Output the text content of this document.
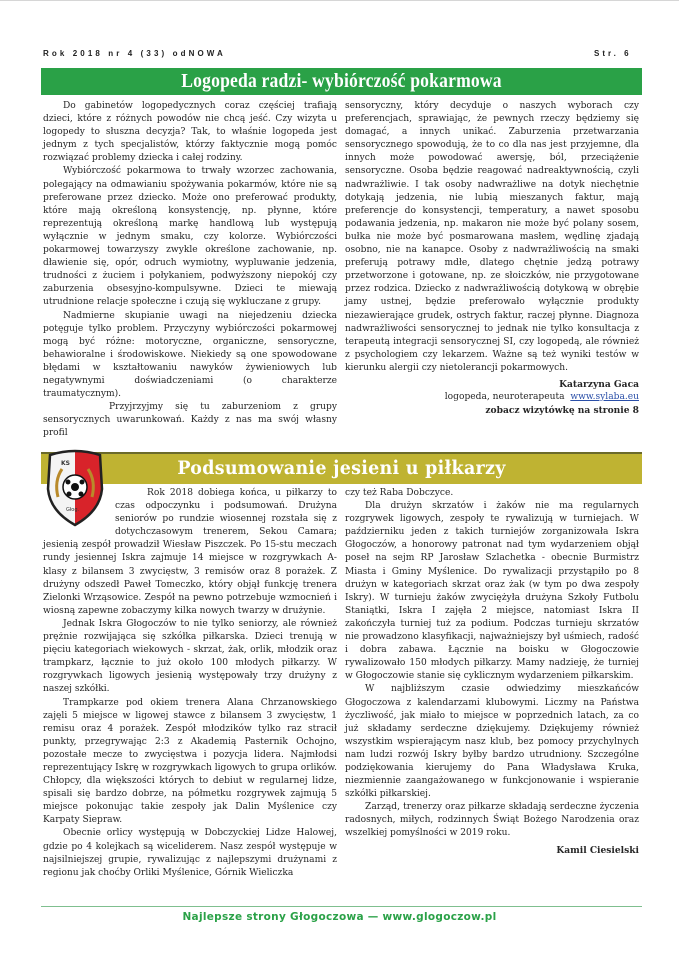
Rok 2018 nr 4 (33) odNOWA	Str. 6
Logopeda radzi- wybiórczość pokarmowa

Do gabinetów logopedycznych coraz częściej trafiają dzieci, które z różnych powodów nie chcą jeść. Czy wizyta u logopedy to słuszna decyzja? Tak, to właśnie logopeda jest jednym z tych specjalistów, którzy faktycznie mogą pomóc rozwiązać problemy dziecka i całej rodziny.

Wybiórczość pokarmowa to trwały wzorzec zachowania, polegający na odmawianiu spożywania pokarmów, które nie są preferowane przez dziecko. Może ono preferować produkty, które mają określoną konsystencję, np. płynne, które reprezentują określoną markę handlową lub występują wyłącznie w jednym smaku, czy kolorze. Wybiórczości pokarmowej towarzyszy zwykle określone zachowanie, np. dławienie się, opór, odruch wymiotny, wypluwanie jedzenia, trudności z żuciem i połykaniem, podwyższony niepokój czy zaburzenia obsesyjno-kompulsywne. Dzieci te miewają utrudnione relacje społeczne i czują się wykluczane z grupy.

Nadmierne skupianie uwagi na niejedzeniu dziecka potęguje tylko problem. Przyczyny wybiórczości pokarmowej mogą być różne: motoryczne, organiczne, sensoryczne, behawioralne i środowiskowe. Niekiedy są one spowodowane błędami w kształtowaniu nawyków żywieniowych lub negatywnymi doświadczeniami (o charakterze traumatycznym).

Przyjrzyjmy się tu zaburzeniom z grupy sensorycznych uwarunkowań. Każdy z nas ma swój własny profil

sensoryczny, który decyduje o naszych wyborach czy preferencjach, sprawiając, że pewnych rzeczy będziemy się domagać, a innych unikać. Zaburzenia przetwarzania sensorycznego spowodują, że to co dla nas jest przyjemne, dla innych może powodować awersję, ból, przeciążenie sensoryczne. Osoba będzie reagować nadreaktywnością, czyli nadwrażliwie. I tak osoby nadwrażliwe na dotyk niechętnie dotykają jedzenia, nie lubią mieszanych faktur, mają preferencje do konsystencji, temperatury, a nawet sposobu podawania jedzenia, np. makaron nie może być polany sosem, bułka nie może być posmarowana masłem, wędlinę zjadają osobno, nie na kanapce. Osoby z nadwrażliwością na smaki preferują potrawy mdłe, dlatego chętnie jedzą potrawy przetworzone i gotowane, np. ze słoiczków, nie przygotowane przez rodzica. Dziecko z nadwrażliwością dotykową w obrębie jamy ustnej, będzie preferowało wyłącznie produkty niezawierające grudek, ostrych faktur, raczej płynne. Diagnoza nadwrażliwości sensorycznej to jednak nie tylko konsultacja z terapeutą integracji sensorycznej SI, czy logopedą, ale również z psychologiem czy lekarzem. Ważne są też wyniki testów w kierunku alergii czy nietolerancji pokarmowych.

Katarzyna Gaca
logopeda, neuroterapeuta www.sylaba.eu
zobacz wizytówkę na stronie 8
Podsumowanie jesieni u piłkarzy
KS
Głog.

Rok 2018 dobiega końca, u piłkarzy to czas odpoczynku i podsumowań. Drużyna seniorów po rundzie wiosennej rozstała się z dotychczasowym trenerem, Sekou Camara; jesienią zespół prowadził Wiesław Piszczek. Po 15-stu meczach rundy jesiennej Iskra zajmuje 14 miejsce w rozgrywkach A-klasy z bilansem 3 zwycięstw, 3 remisów oraz 8 porażek. Z drużyny odszedł Paweł Tomeczko, który objął funkcję trenera Zielonki Wrząsowice. Zespół na pewno potrzebuje wzmocnień i wiosną zapewne zobaczymy kilka nowych twarzy w drużynie.

Jednak Iskra Głogoczów to nie tylko seniorzy, ale również prężnie rozwijająca się szkółka piłkarska. Dzieci trenują w pięciu kategoriach wiekowych - skrzat, żak, orlik, młodzik oraz trampkarz, łącznie to już około 100 młodych piłkarzy. W rozgrywkach ligowych jesienią występowały trzy drużyny z naszej szkółki.

Trampkarze pod okiem trenera Alana Chrzanowskiego zajęli 5 miejsce w ligowej stawce z bilansem 3 zwycięstw, 1 remisu oraz 4 porażek. Zespół młodzików tylko raz stracił punkty, przegrywając 2:3 z Akademią Pasternik Ochojno, pozostałe mecze to zwycięstwa i pozycja lidera. Najmłodsi reprezentujący Iskrę w rozgrywkach ligowych to grupa orlików. Chłopcy, dla większości których to debiut w regularnej lidze, spisali się bardzo dobrze, na półmetku rozgrywek zajmują 5 miejsce pokonując takie zespoły jak Dalin Myślenice czy Karpaty Siepraw.

Obecnie orlicy występują w Dobczyckiej Lidze Halowej, gdzie po 4 kolejkach są wiceliderem. Nasz zespół występuje w najsilniejszej grupie, rywalizując z najlepszymi drużynami z regionu jak choćby Orliki Myślenice, Górnik Wieliczka

czy też Raba Dobczyce.

Dla drużyn skrzatów i żaków nie ma regularnych rozgrywek ligowych, zespoły te rywalizują w turniejach. W październiku jeden z takich turniejów zorganizowała Iskra Głogoczów, a honorowy patronat nad tym wydarzeniem objął poseł na sejm RP Jarosław Szlachetka - obecnie Burmistrz Miasta i Gminy Myślenice. Do rywalizacji przystąpiło po 8 drużyn w kategoriach skrzat oraz żak (w tym po dwa zespoły Iskry). W turnieju żaków zwyciężyła drużyna Szkoły Futbolu Staniątki, Iskra I zajęła 2 miejsce, natomiast Iskra II zakończyła turniej tuż za podium. Podczas turnieju skrzatów nie prowadzono klasyfikacji, najważniejszy był uśmiech, radość i dobra zabawa. Łącznie na boisku w Głogoczowie rywalizowało 150 młodych piłkarzy. Mamy nadzieję, że turniej w Głogoczowie stanie się cyklicznym wydarzeniem piłkarskim.

W najbliższym czasie odwiedzimy mieszkańców Głogoczowa z kalendarzami klubowymi. Liczmy na Państwa życzliwość, jak miało to miejsce w poprzednich latach, za co już składamy serdeczne dziękujemy. Dziękujemy również wszystkim wspierającym nasz klub, bez pomocy przychylnych nam ludzi rozwój Iskry byłby bardzo utrudniony. Szczególne podziękowania kierujemy do Pana Władysława Kruka, niezmiennie zaangażowanego w funkcjonowanie i wspieranie szkółki piłkarskiej.

Zarząd, trenerzy oraz piłkarze składają serdeczne życzenia radosnych, miłych, rodzinnych Świąt Bożego Narodzenia oraz wszelkiej pomyślności w 2019 roku.

Kamil Ciesielski
Najlepsze strony Głogoczowa — www.glogoczow.pl
